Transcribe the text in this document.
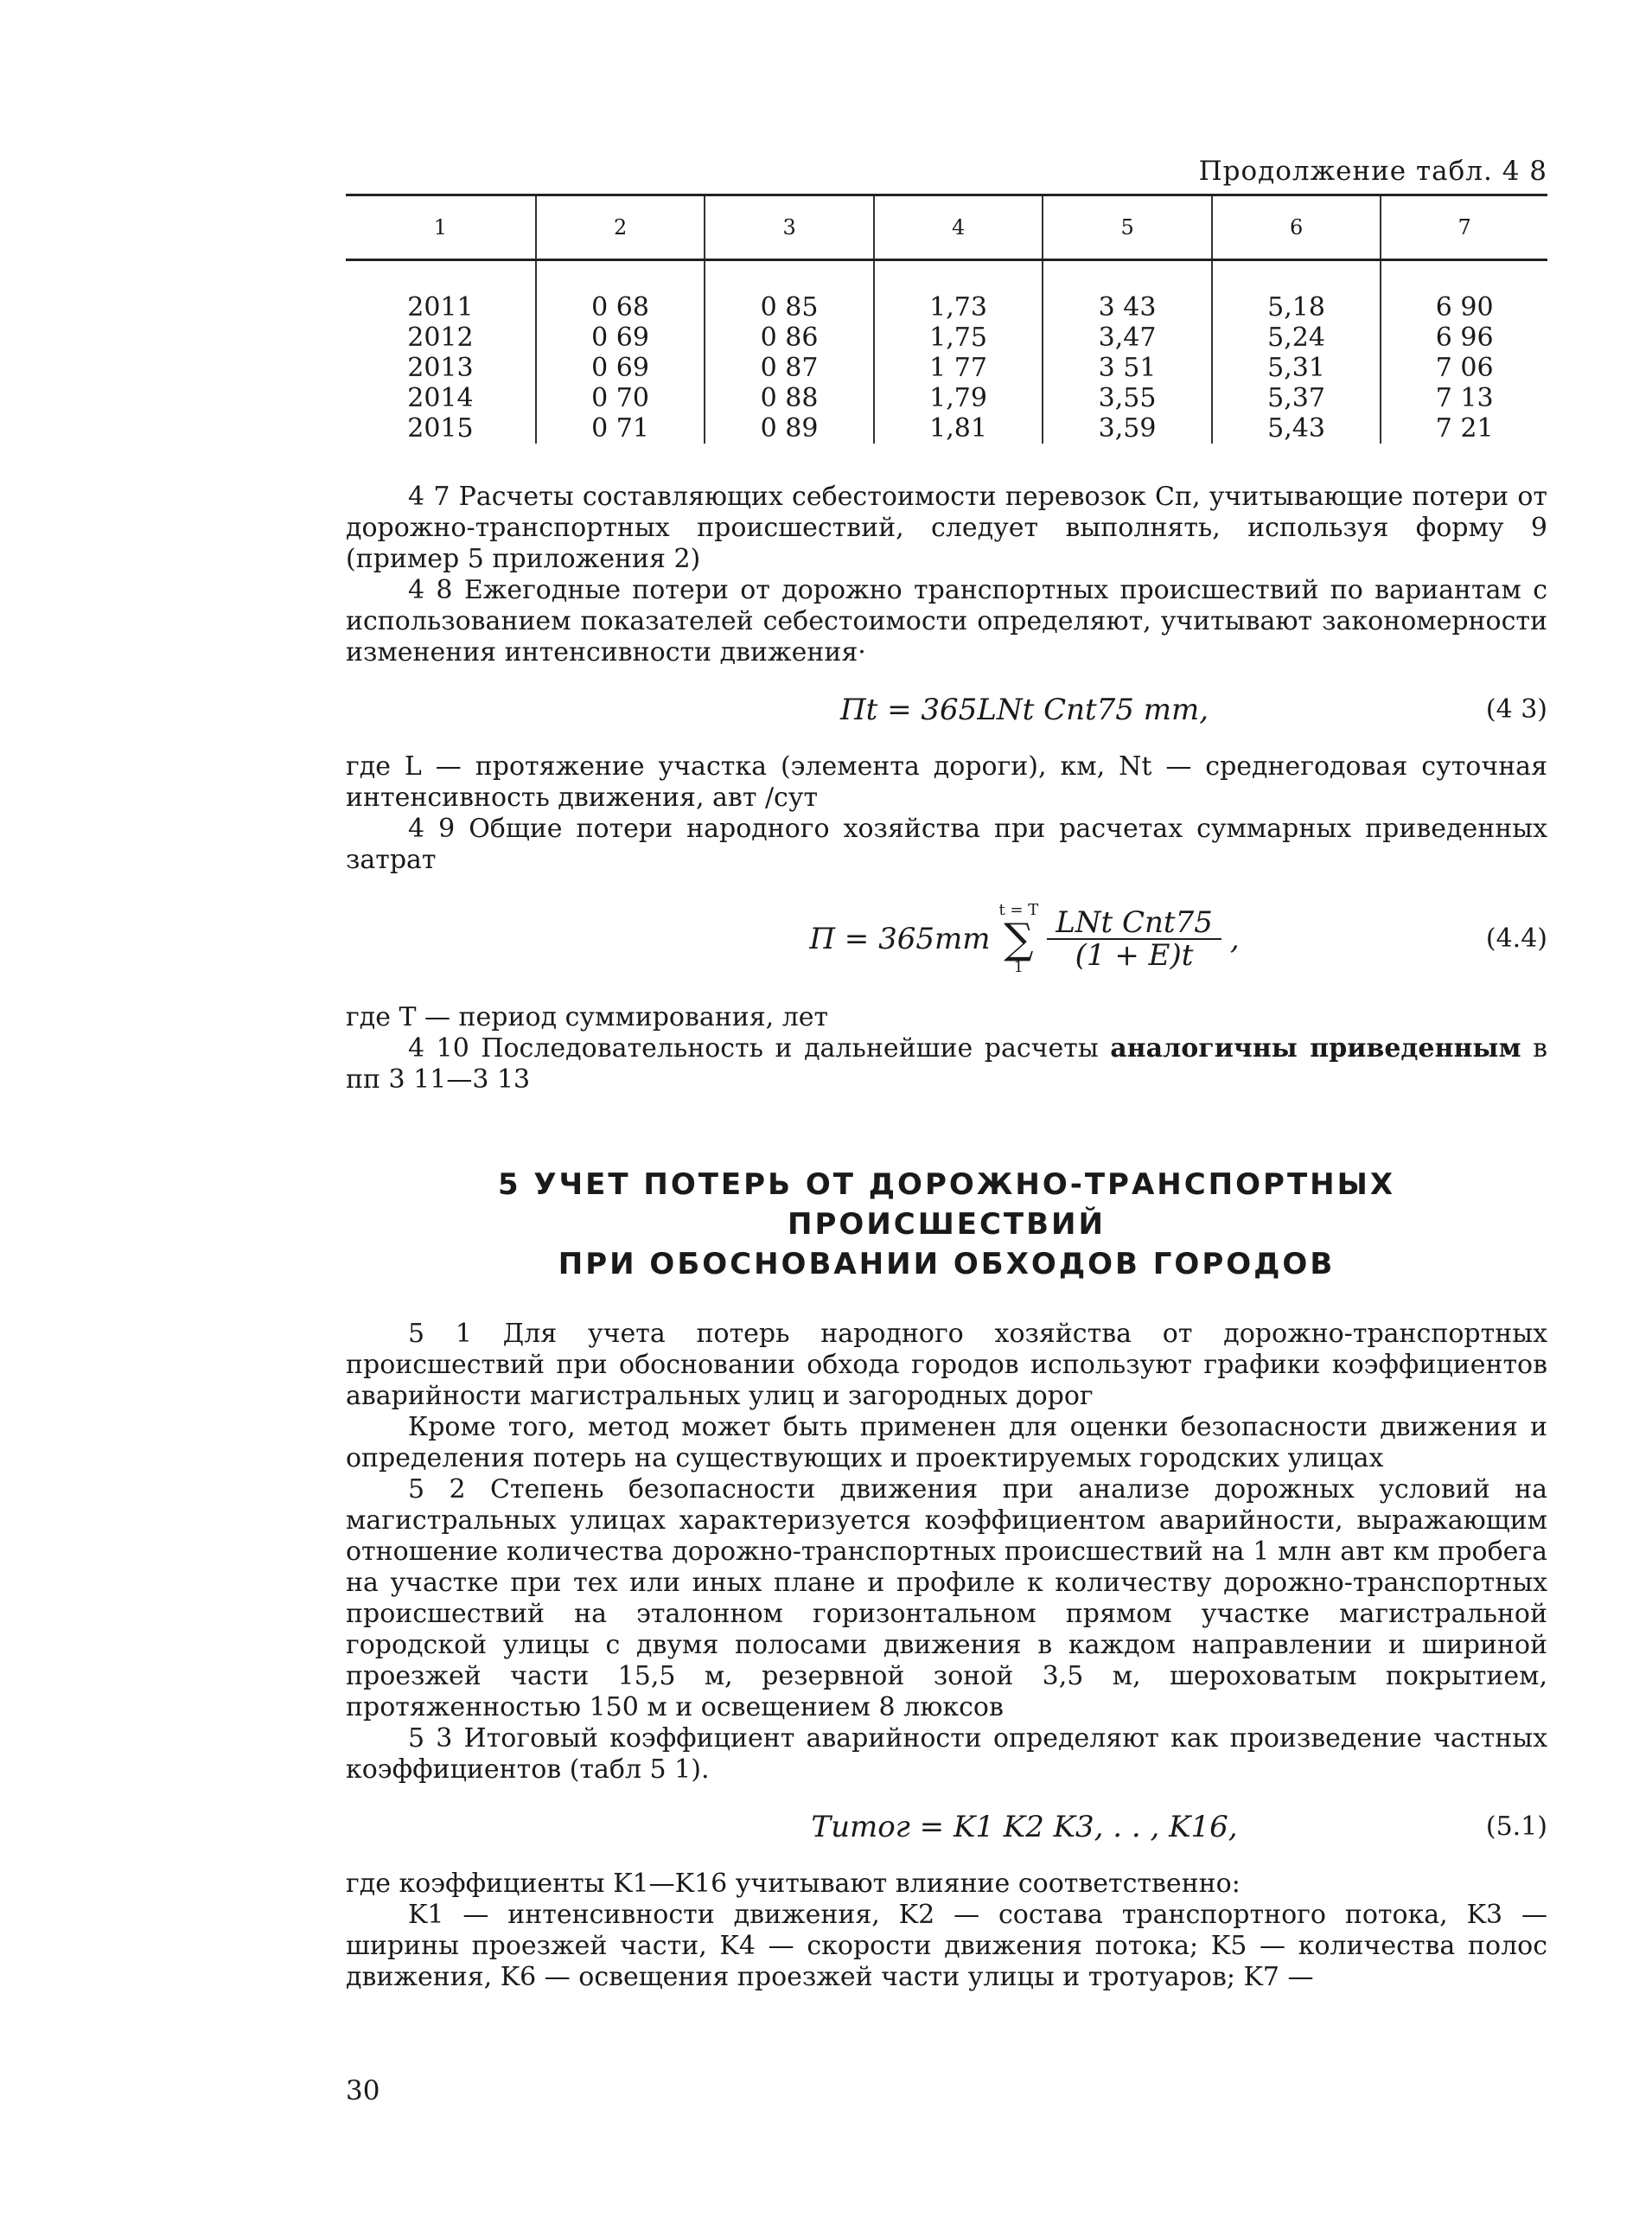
Продолжение табл. 4 8
1	2	3	4	5	6	7
2011	0 68	0 85	1,73	3 43	5,18	6 90
2012	0 69	0 86	1,75	3,47	5,24	6 96
2013	0 69	0 87	1 77	3 51	5,31	7 06
2014	0 70	0 88	1,79	3,55	5,37	7 13
2015	0 71	0 89	1,81	3,59	5,43	7 21

4 7 Расчеты составляющих себестоимости перевозок Сп, учитывающие потери от дорожно-транспортных происшествий, следует выполнять, используя форму 9 (пример 5 приложения 2)

4 8 Ежегодные потери от дорожно транспортных происшествий по вариантам с использованием показателей себестоимости определяют, учитывают закономерности изменения интенсивности движения·

Пt = 365LNt Cпt75 mт,	(4 3)

где L — протяжение участка (элемента дороги), км, Nt — среднегодовая суточная интенсивность движения, авт /сут

4 9 Общие потери народного хозяйства при расчетах суммарных приведенных затрат

П = 365mт
t = T
∑
$1 \frac{\text{LNt Cпt75}}{(1 + E)t}$ ,	(4.4)

где T — период суммирования, лет

4 10 Последовательность и дальнейшие расчеты аналогичны приведенным в пп 3 11—3 13

5 УЧЕТ ПОТЕРЬ ОТ ДОРОЖНО-ТРАНСПОРТНЫХ ПРОИСШЕСТВИЙ
ПРИ ОБОСНОВАНИИ ОБХОДОВ ГОРОДОВ

5 1 Для учета потерь народного хозяйства от дорожно-транспортных происшествий при обосновании обхода городов используют графики коэффициентов аварийности магистральных улиц и загородных дорог

Кроме того, метод может быть применен для оценки безопасности движения и определения потерь на существующих и проектируемых городских улицах

5 2 Степень безопасности движения при анализе дорожных условий на магистральных улицах характеризуется коэффициентом аварийности, выражающим отношение количества дорожно-транспортных происшествий на 1 млн авт км пробега на участке при тех или иных плане и профиле к количеству дорожно-транспортных происшествий на эталонном горизонтальном прямом участке магистральной городской улицы с двумя полосами движения в каждом направлении и шириной проезжей части 15,5 м, резервной зоной 3,5 м, шероховатым покрытием, протяженностью 150 м и освещением 8 люксов

5 3 Итоговый коэффициент аварийности определяют как произведение частных коэффициентов (табл 5 1).

Tитог = K1 K2 K3, . . , K16,	(5.1)

где коэффициенты K1—K16 учитывают влияние соответственно:

K1 — интенсивности движения, K2 — состава транспортного потока, K3 — ширины проезжей части, K4 — скорости движения потока; K5 — количества полос движения, K6 — освещения проезжей части улицы и тротуаров; K7 —

30
